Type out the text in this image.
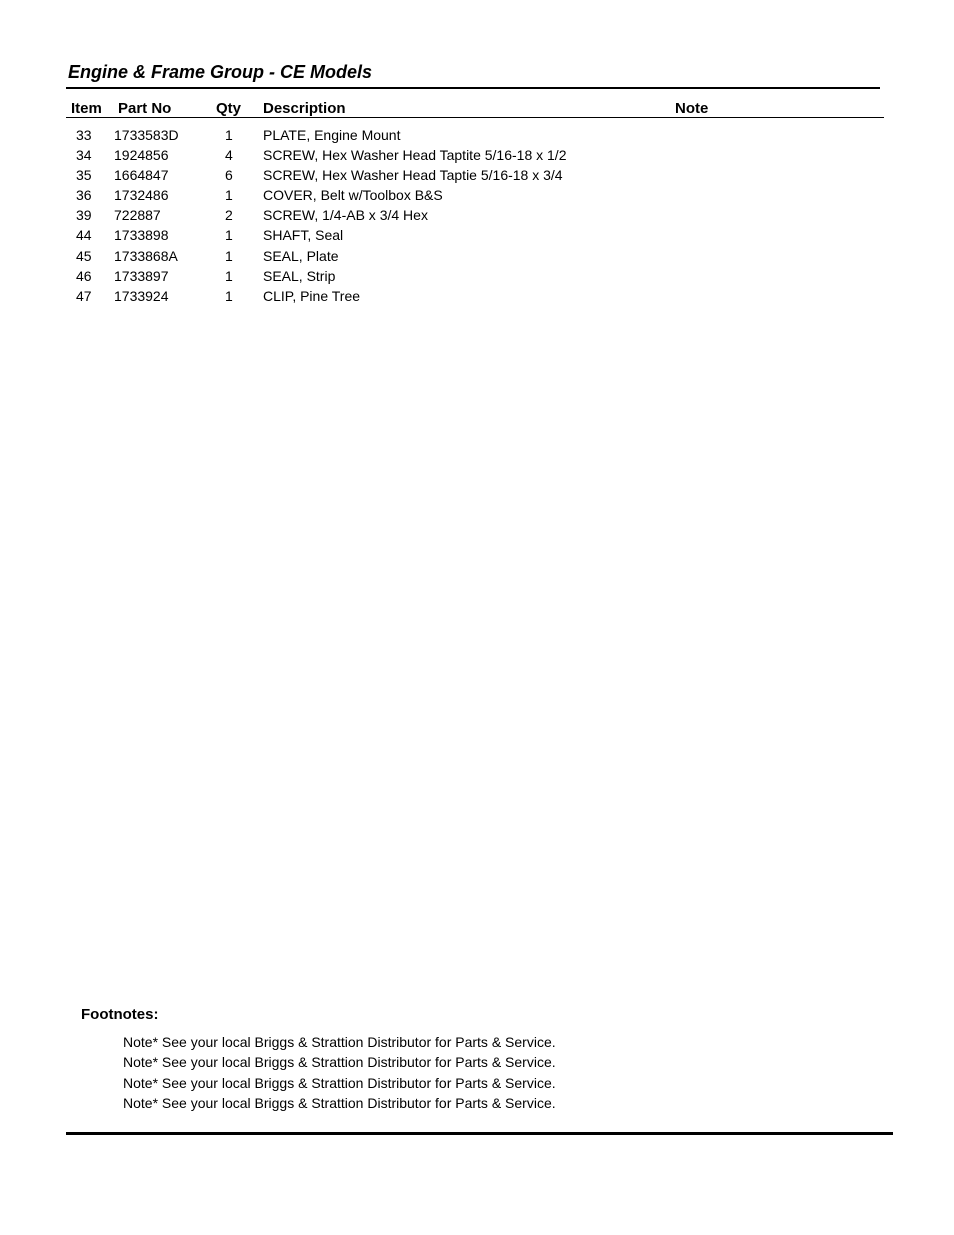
Engine & Frame Group - CE Models
Item Part No	Qty Description	Note
33 1733583D	1 PLATE, Engine Mount
34 1924856	4 SCREW, Hex Washer Head Taptite 5/16-18 x 1/2
35 1664847	6 SCREW, Hex Washer Head Taptie 5/16-18 x 3/4
36 1732486	1 COVER, Belt w/Toolbox B&S
39 722887	2 SCREW, 1/4-AB x 3/4 Hex
44 1733898	1 SHAFT, Seal
45 1733868A	1 SEAL, Plate
46 1733897	1 SEAL, Strip
47 1733924	1 CLIP, Pine Tree
Footnotes:
Note* See your local Briggs & Strattion Distributor for Parts & Service.
Note* See your local Briggs & Strattion Distributor for Parts & Service.
Note* See your local Briggs & Strattion Distributor for Parts & Service.
Note* See your local Briggs & Strattion Distributor for Parts & Service.
